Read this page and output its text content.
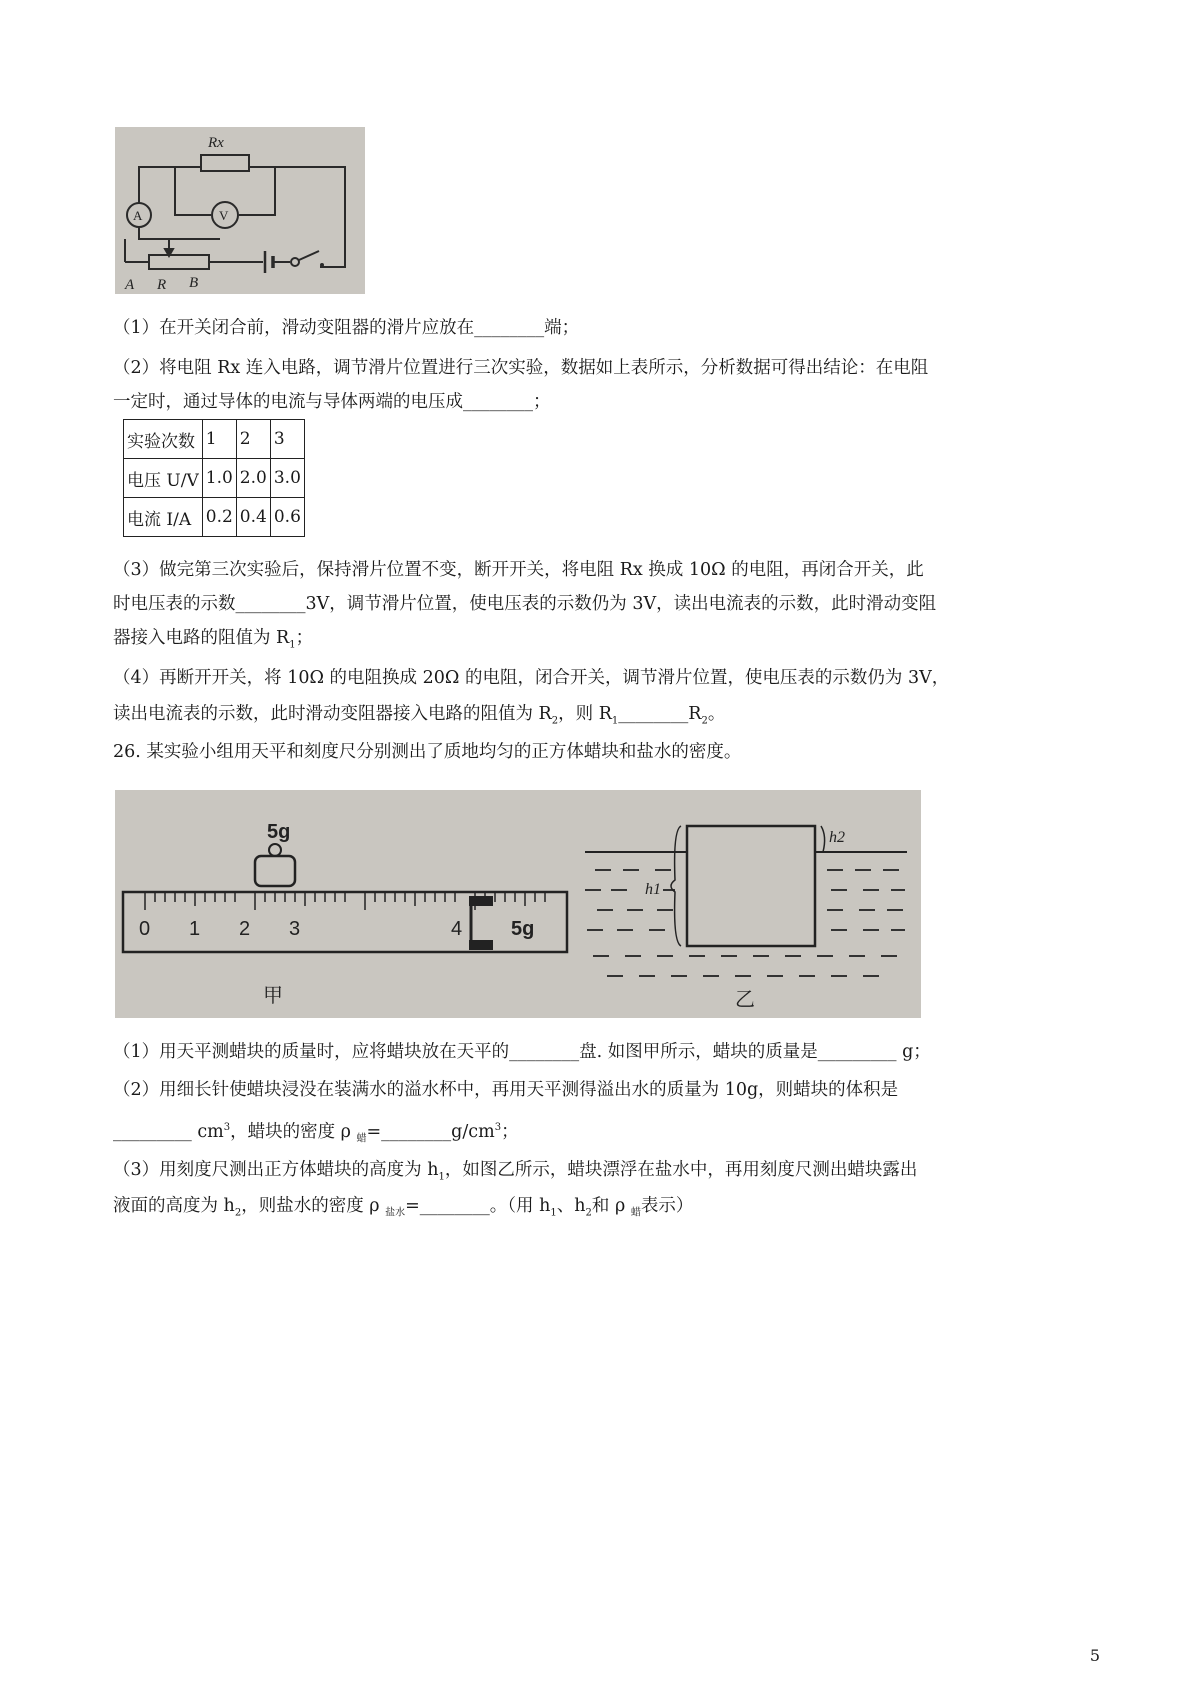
Rx
A	V
A R B
（1）在开关闭合前，滑动变阻器的滑片应放在________端；
（2）将电阻 Rx 连入电路，调节滑片位置进行三次实验，数据如上表所示，分析数据可得出结论：在电阻
一定时，通过导体的电流与导体两端的电压成________；
实验次数	1	2	3
电压 U/V	1.0	2.0	3.0
电流 I/A	0.2	0.4	0.6
（3）做完第三次实验后，保持滑片位置不变，断开开关，将电阻 Rx 换成 10Ω 的电阻，再闭合开关，此
时电压表的示数________3V，调节滑片位置，使电压表的示数仍为 3V，读出电流表的示数，此时滑动变阻
器接入电路的阻值为 $R_1$；
（4）再断开开关，将 10Ω 的电阻换成 20Ω 的电阻，闭合开关，调节滑片位置，使电压表的示数仍为 3V，
读出电流表的示数，此时滑动变阻器接入电路的阻值为 $R_2$，则 $R_1\_\_\_\_\_\_\_\_R_2$。
26. 某实验小组用天平和刻度尺分别测出了质地均匀的正方体蜡块和盐水的密度。
5g
0 1 2 3	4 5g
甲
h1
h2
乙
（1）用天平测蜡块的质量时，应将蜡块放在天平的________盘. 如图甲所示，蜡块的质量是_________ g；
（2）用细长针使蜡块浸没在装满水的溢水杯中，再用天平测得溢出水的质量为 10g，则蜡块的体积是
_________ $cm^3$，蜡块的密度 ρ $_蜡=\_\_\_\_\_\_\_\_g/cm^3$；
（3）用刻度尺测出正方体蜡块的高度为 $h_1$，如图乙所示，蜡块漂浮在盐水中，再用刻度尺测出蜡块露出
液面的高度为 $h_2$，则盐水的密度 ρ $_{盐水}$=________。（用 $h_1$、$h_2$和 ρ $_蜡$表示）
5
